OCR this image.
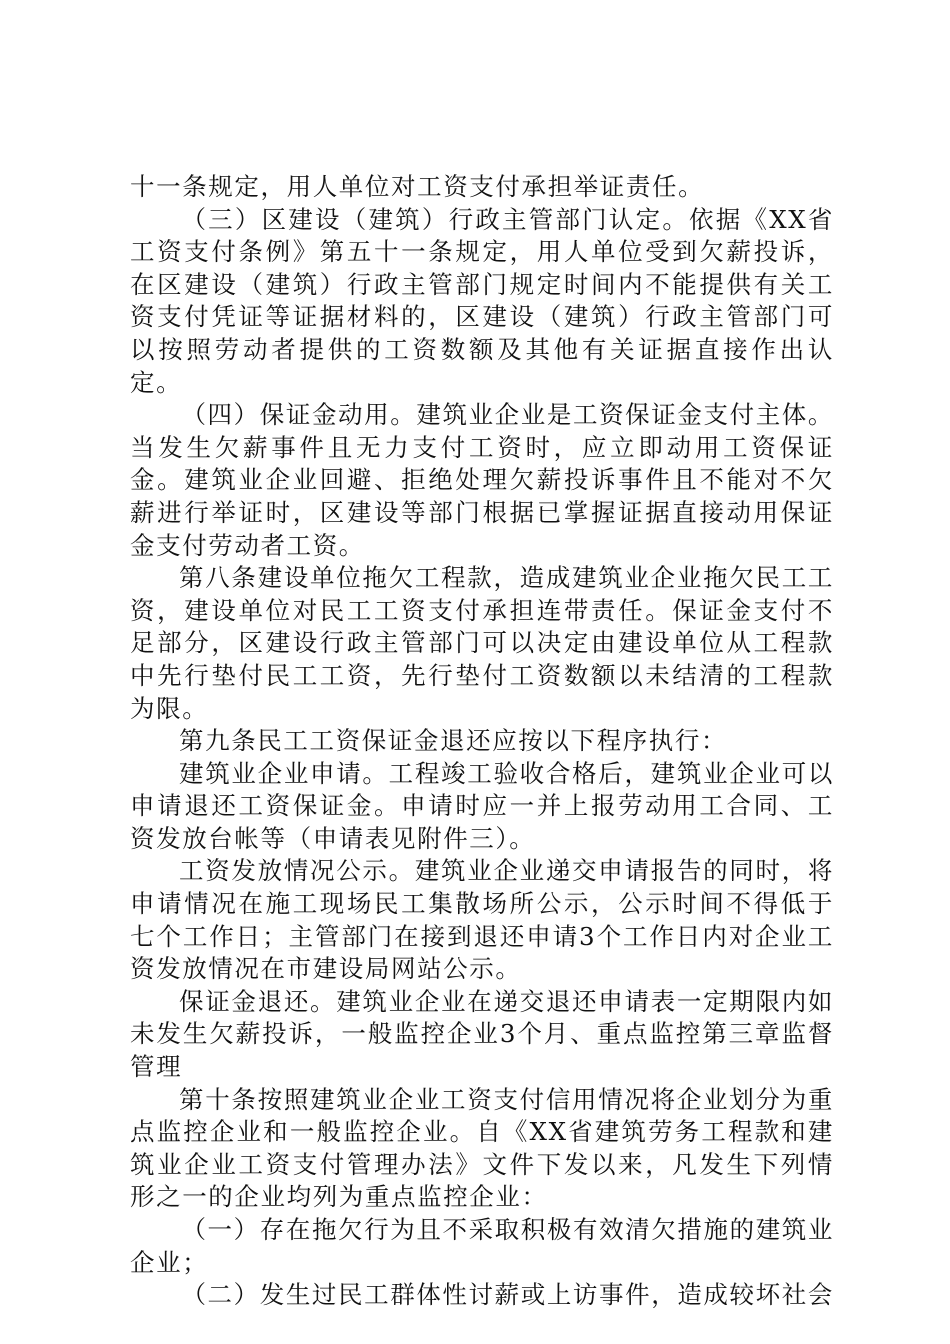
十一条规定，用人单位对工资支付承担举证责任。

（三）区建设（建筑）行政主管部门认定。依据《XX省工资支付条例》第五十一条规定，用人单位受到欠薪投诉，在区建设（建筑）行政主管部门规定时间内不能提供有关工资支付凭证等证据材料的，区建设（建筑）行政主管部门可以按照劳动者提供的工资数额及其他有关证据直接作出认定。

（四）保证金动用。建筑业企业是工资保证金支付主体。当发生欠薪事件且无力支付工资时，应立即动用工资保证金。建筑业企业回避、拒绝处理欠薪投诉事件且不能对不欠薪进行举证时，区建设等部门根据已掌握证据直接动用保证金支付劳动者工资。

第八条建设单位拖欠工程款，造成建筑业企业拖欠民工工资，建设单位对民工工资支付承担连带责任。保证金支付不足部分，区建设行政主管部门可以决定由建设单位从工程款中先行垫付民工工资，先行垫付工资数额以未结清的工程款为限。

第九条民工工资保证金退还应按以下程序执行：

建筑业企业申请。工程竣工验收合格后，建筑业企业可以申请退还工资保证金。申请时应一并上报劳动用工合同、工资发放台帐等（申请表见附件三）。

工资发放情况公示。建筑业企业递交申请报告的同时，将申请情况在施工现场民工集散场所公示，公示时间不得低于七个工作日；主管部门在接到退还申请3个工作日内对企业工资发放情况在市建设局网站公示。

保证金退还。建筑业企业在递交退还申请表一定期限内如未发生欠薪投诉，一般监控企业3个月、重点监控第三章监督管理

第十条按照建筑业企业工资支付信用情况将企业划分为重点监控企业和一般监控企业。自《XX省建筑劳务工程款和建筑业企业工资支付管理办法》文件下发以来，凡发生下列情形之一的企业均列为重点监控企业：

（一）存在拖欠行为且不采取积极有效清欠措施的建筑业企业；

（二）发生过民工群体性讨薪或上访事件，造成较坏社会
